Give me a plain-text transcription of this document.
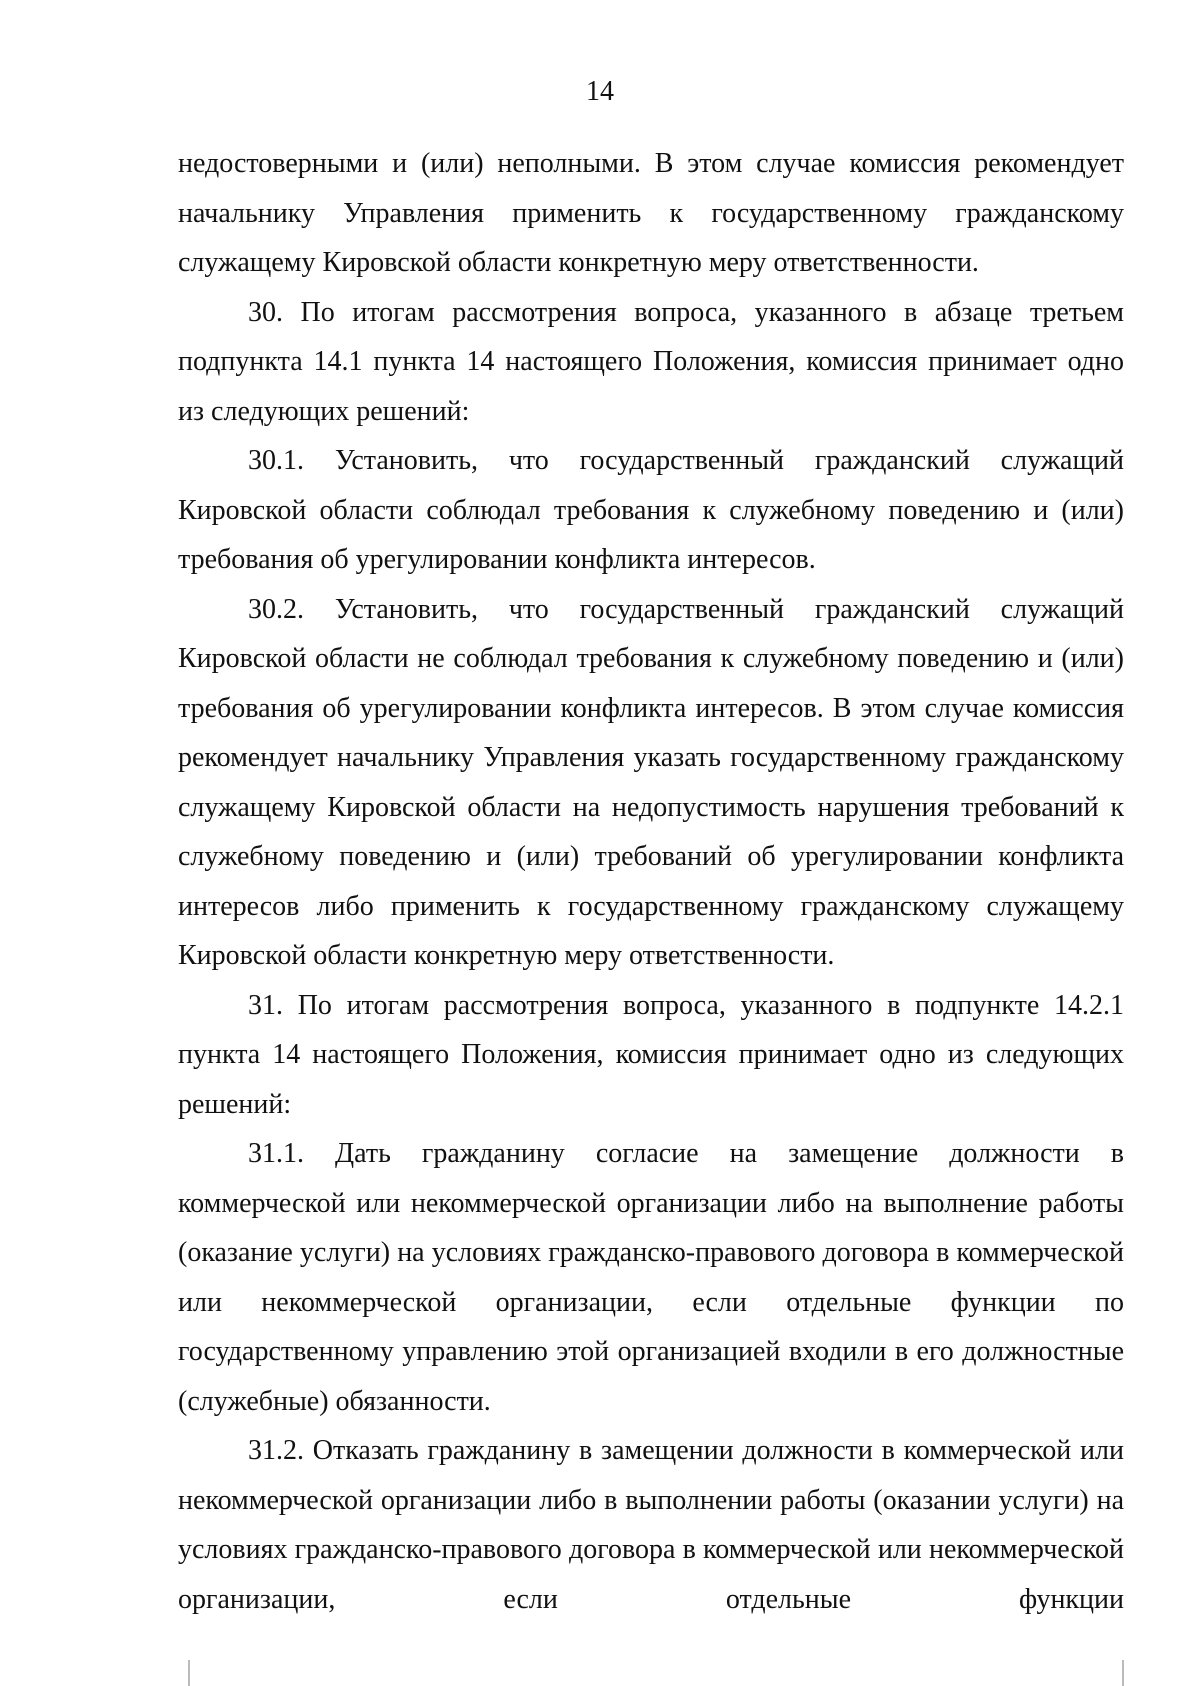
14

недостоверными и (или) неполными. В этом случае комиссия рекомендует начальнику Управления применить к государственному гражданскому служащему Кировской области конкретную меру ответственности.

30. По итогам рассмотрения вопроса, указанного в абзаце третьем подпункта 14.1 пункта 14 настоящего Положения, комиссия принимает одно из следующих решений:

30.1. Установить, что государственный гражданский служащий Кировской области соблюдал требования к служебному поведению и (или) требования об урегулировании конфликта интересов.

30.2. Установить, что государственный гражданский служащий Кировской области не соблюдал требования к служебному поведению и (или) требования об урегулировании конфликта интересов. В этом случае комиссия рекомендует начальнику Управления указать государственному гражданскому служащему Кировской области на недопустимость нарушения требований к служебному поведению и (или) требований об урегулировании конфликта интересов либо применить к государственному гражданскому служащему Кировской области конкретную меру ответственности.

31. По итогам рассмотрения вопроса, указанного в подпункте 14.2.1 пункта 14 настоящего Положения, комиссия принимает одно из следующих решений:

31.1. Дать гражданину согласие на замещение должности в коммерческой или некоммерческой организации либо на выполнение работы (оказание услуги) на условиях гражданско-правового договора в коммерческой или некоммерческой организации, если отдельные функции по государственному управлению этой организацией входили в его должностные (служебные) обязанности.

31.2. Отказать гражданину в замещении должности в коммерческой или некоммерческой организации либо в выполнении работы (оказании услуги) на условиях гражданско-правового договора в коммерческой или некоммерческой организации, если отдельные функции
